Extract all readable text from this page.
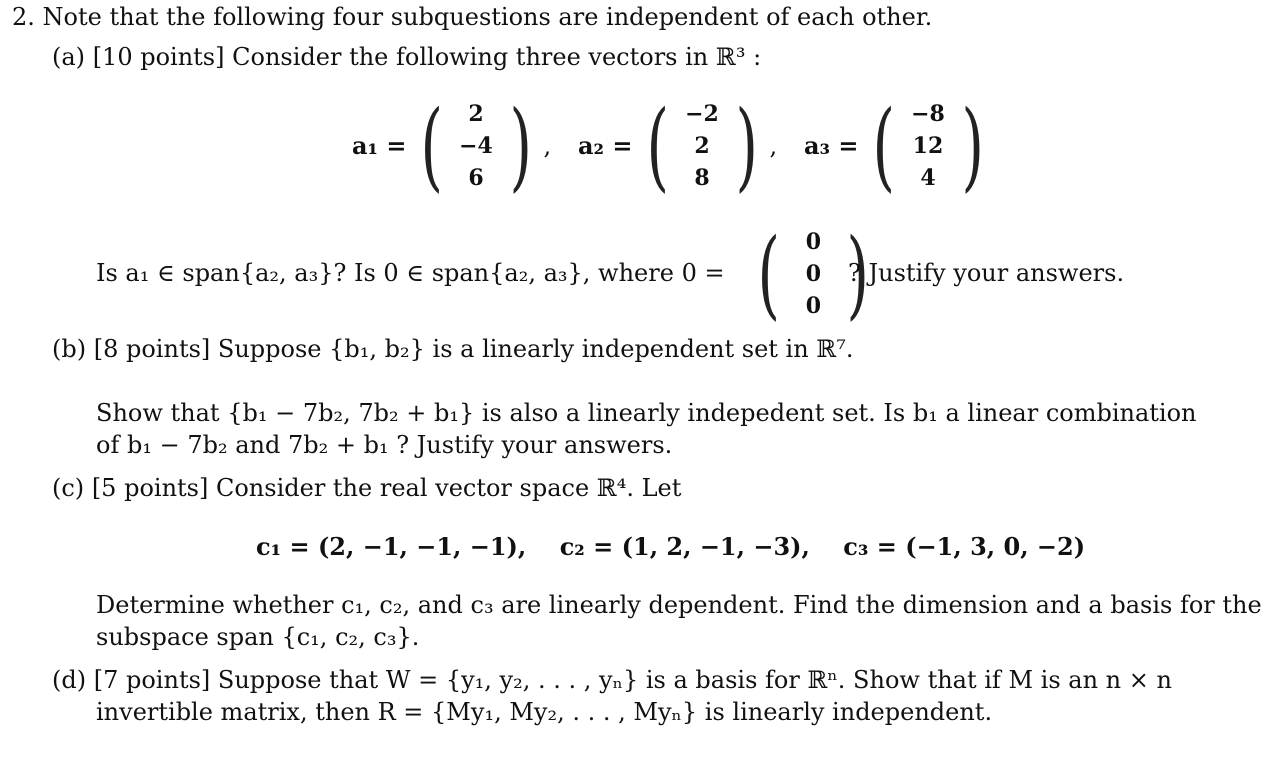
2. Note that the following four subquestions are independent of each other.
(a) [10 points] Consider the following three vectors in ℝ³ :
a₁ = ( 2
−4
6 ) , a₂ = ( −2
2
8 ) , a₃ = ( −8
12
4 )
Is a₁ ∈ span{a₂, a₃}? Is 0 ∈ span{a₂, a₃}, where 0 = ( 0
0
0 )
? Justify your answers.
(b) [8 points] Suppose {b₁, b₂} is a linearly independent set in ℝ⁷.
Show that {b₁ − 7b₂, 7b₂ + b₁} is also a linearly indepedent set. Is b₁ a linear combination
of b₁ − 7b₂ and 7b₂ + b₁ ? Justify your answers.
(c) [5 points] Consider the real vector space ℝ⁴. Let
c₁ = (2, −1, −1, −1),    c₂ = (1, 2, −1, −3),    c₃ = (−1, 3, 0, −2)
Determine whether c₁, c₂, and c₃ are linearly dependent. Find the dimension and a basis for the
subspace span {c₁, c₂, c₃}.
(d) [7 points] Suppose that W = {y₁, y₂, . . . , yₙ} is a basis for ℝⁿ. Show that if M is an n × n
invertible matrix, then R = {My₁, My₂, . . . , Myₙ} is linearly independent.
